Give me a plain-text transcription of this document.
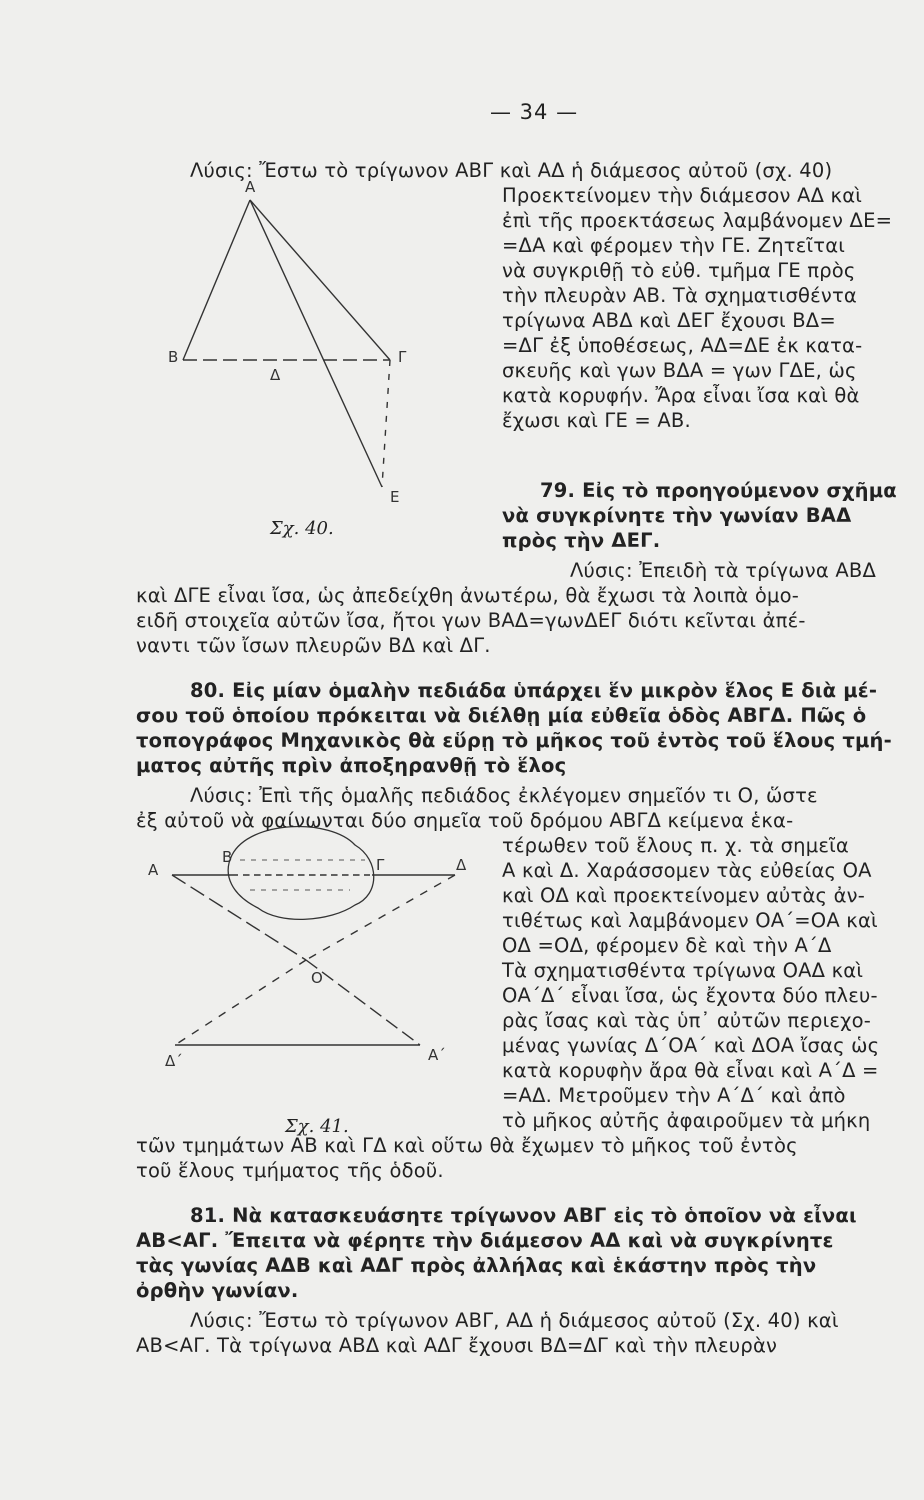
— 34 —
Α
Β	Γ
Δ
Ε
Σχ. 40.
Α
Β	Γ	Δ
Ο
Δ΄	Α΄
Σχ. 41.
Λύσις: Ἔστω τὸ τρίγωνον ΑΒΓ καὶ ΑΔ ἡ διάμεσος αὐτοῦ (σχ. 40)
Προεκτείνομεν τὴν διάμεσον ΑΔ καὶ
ἐπὶ τῆς προεκτάσεως λαμβάνομεν ΔΕ=
=ΔΑ καὶ φέρομεν τὴν ΓΕ. Ζητεῖται
νὰ συγκριθῇ τὸ εὐθ. τμῆμα ΓΕ πρὸς
τὴν πλευρὰν ΑΒ. Τὰ σχηματισθέντα
τρίγωνα ΑΒΔ καὶ ΔΕΓ ἔχουσι ΒΔ=
=ΔΓ ἐξ ὑποθέσεως, ΑΔ=ΔΕ ἐκ κατα-
σκευῆς καὶ γων ΒΔΑ = γων ΓΔΕ, ὡς
κατὰ κορυφήν. Ἄρα εἶναι ἴσα καὶ θὰ
ἔχωσι καὶ ΓΕ = ΑΒ.
79. Εἰς τὸ προηγούμενον σχῆμα
νὰ συγκρίνητε τὴν γωνίαν ΒΑΔ
πρὸς τὴν ΔΕΓ.
Λύσις: Ἐπειδὴ τὰ τρίγωνα ΑΒΔ
καὶ ΔΓΕ εἶναι ἴσα, ὡς ἀπεδείχθη ἀνωτέρω, θὰ ἔχωσι τὰ λοιπὰ ὁμο-
ειδῆ στοιχεῖα αὐτῶν ἴσα, ἤτοι γων ΒΑΔ=γωνΔΕΓ διότι κεῖνται ἀπέ-
ναντι τῶν ἴσων πλευρῶν ΒΔ καὶ ΔΓ.
80. Εἰς μίαν ὁμαλὴν πεδιάδα ὑπάρχει ἕν μικρὸν ἕλος Ε διὰ μέ-
σου τοῦ ὁποίου πρόκειται νὰ διέλθῃ μία εὐθεῖα ὁδὸς ΑΒΓΔ. Πῶς ὁ
τοπογράφος Μηχανικὸς θὰ εὕρῃ τὸ μῆκος τοῦ ἐντὸς τοῦ ἕλους τμή-
ματος αὐτῆς πρὶν ἀποξηρανθῇ τὸ ἕλος
Λύσις: Ἐπὶ τῆς ὁμαλῆς πεδιάδος ἐκλέγομεν σημεῖόν τι Ο, ὥστε
ἐξ αὐτοῦ νὰ φαίνωνται δύο σημεῖα τοῦ δρόμου ΑΒΓΔ κείμενα ἑκα-
τέρωθεν τοῦ ἕλους π. χ. τὰ σημεῖα
Α καὶ Δ. Χαράσσομεν τὰς εὐθείας ΟΑ
καὶ ΟΔ καὶ προεκτείνομεν αὐτὰς ἀν-
τιθέτως καὶ λαμβάνομεν ΟΑ΄=ΟΑ καὶ
ΟΔ =ΟΔ, φέρομεν δὲ καὶ τὴν Α΄Δ
Τὰ σχηματισθέντα τρίγωνα ΟΑΔ καὶ
ΟΑ΄Δ΄ εἶναι ἴσα, ὡς ἔχοντα δύο πλευ-
ρὰς ἴσας καὶ τὰς ὑπ᾽ αὐτῶν περιεχο-
μένας γωνίας Δ΄ΟΑ΄ καὶ ΔΟΑ ἴσας ὡς
κατὰ κορυφὴν ἄρα θὰ εἶναι καὶ Α΄Δ =
=ΑΔ. Μετροῦμεν τὴν Α΄Δ΄ καὶ ἀπὸ
τὸ μῆκος αὐτῆς ἀφαιροῦμεν τὰ μήκη
τῶν τμημάτων ΑΒ καὶ ΓΔ καὶ οὕτω θὰ ἔχωμεν τὸ μῆκος τοῦ ἐντὸς
τοῦ ἕλους τμήματος τῆς ὁδοῦ.
81. Νὰ κατασκευάσητε τρίγωνον ΑΒΓ εἰς τὸ ὁποῖον νὰ εἶναι
ΑΒ<ΑΓ. Ἔπειτα νὰ φέρητε τὴν διάμεσον ΑΔ καὶ νὰ συγκρίνητε
τὰς γωνίας ΑΔΒ καὶ ΑΔΓ πρὸς ἀλλήλας καὶ ἑκάστην πρὸς τὴν
ὀρθὴν γωνίαν.
Λύσις: Ἔστω τὸ τρίγωνον ΑΒΓ, ΑΔ ἡ διάμεσος αὐτοῦ (Σχ. 40) καὶ
ΑΒ<ΑΓ. Τὰ τρίγωνα ΑΒΔ καὶ ΑΔΓ ἔχουσι ΒΔ=ΔΓ καὶ τὴν πλευρὰν
